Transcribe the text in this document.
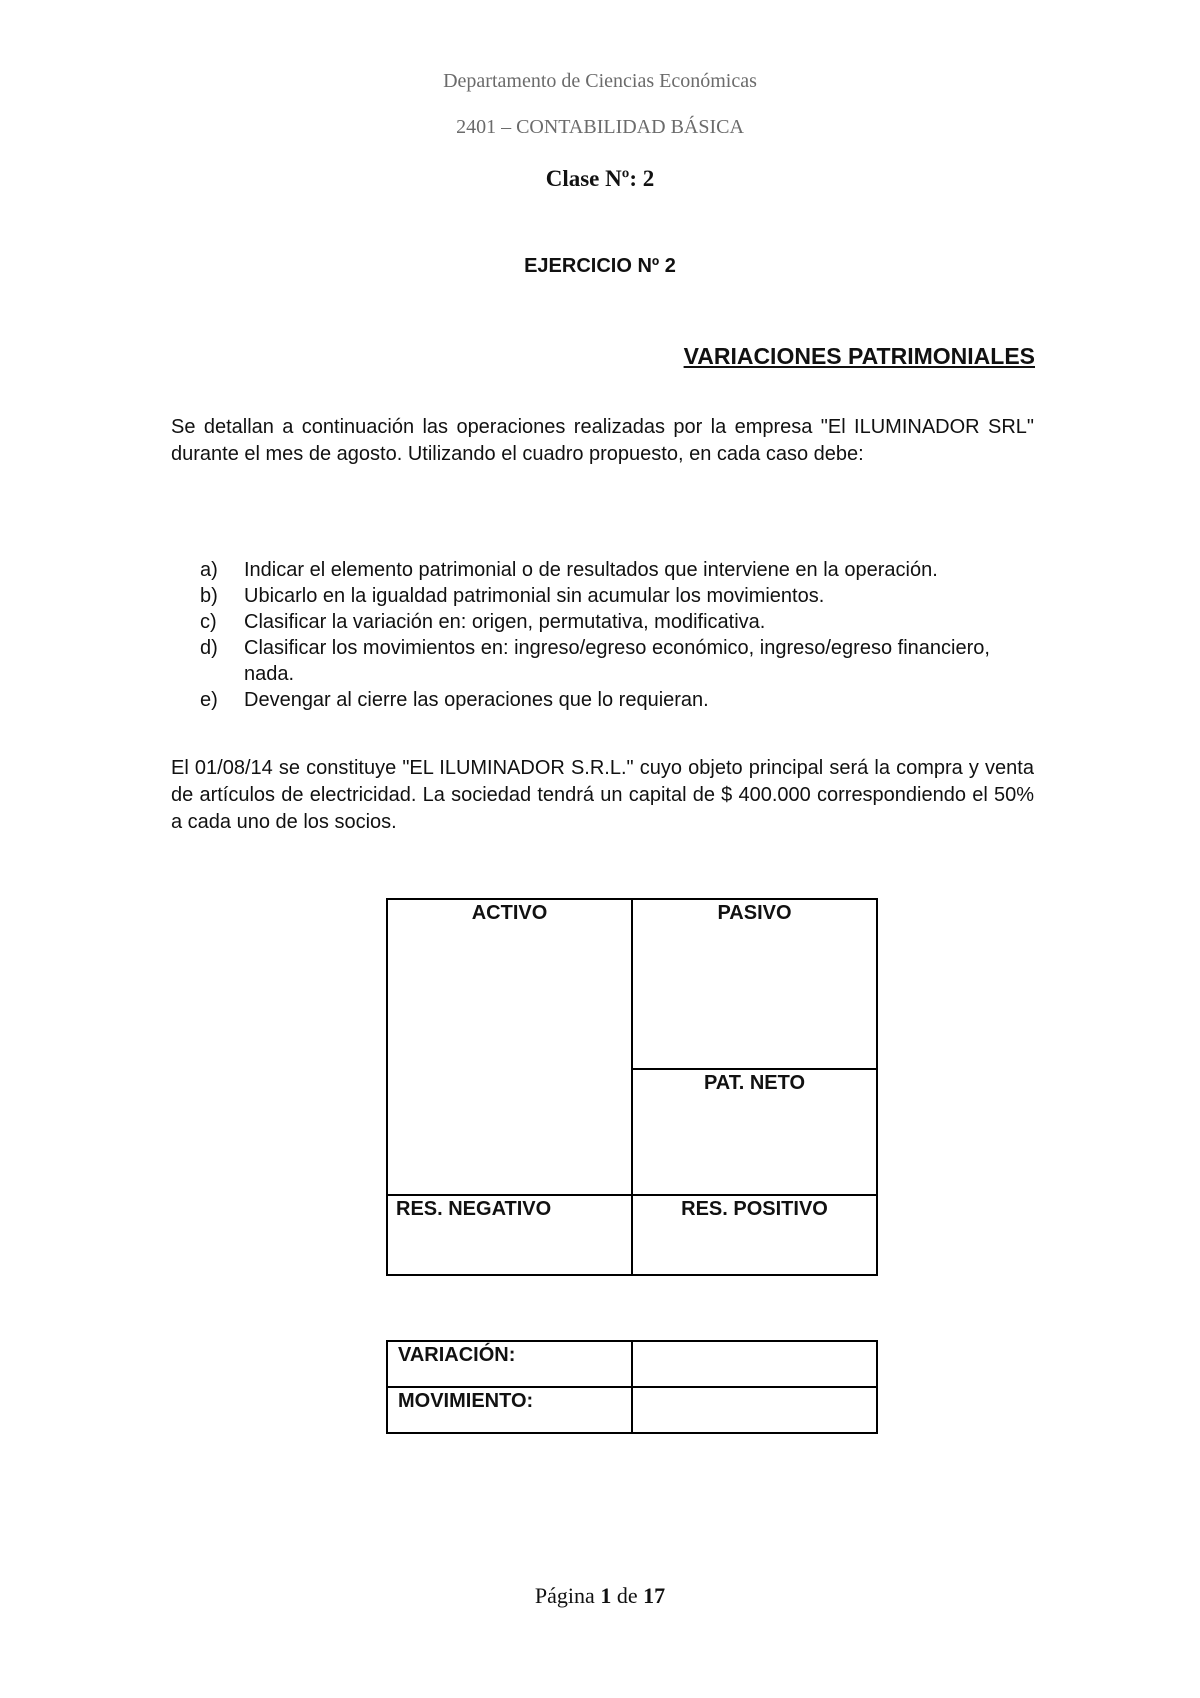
Departamento de Ciencias Económicas
2401 – CONTABILIDAD BÁSICA
Clase Nº: 2
EJERCICIO Nº 2
VARIACIONES PATRIMONIALES
Se detallan a continuación las operaciones realizadas por la empresa "El ILUMINADOR SRL" durante el mes de agosto. Utilizando el cuadro propuesto, en cada caso debe:
a)	Indicar el elemento patrimonial o de resultados que interviene en la operación.
b)	Ubicarlo en la igualdad patrimonial sin acumular los movimientos.
c)	Clasificar la variación en: origen, permutativa, modificativa.
d)	Clasificar los movimientos en: ingreso/egreso económico, ingreso/egreso financiero, nada.
e)	Devengar al cierre las operaciones que lo requieran.
El 01/08/14 se constituye "EL ILUMINADOR S.R.L." cuyo objeto principal será la compra y venta de artículos de electricidad. La sociedad tendrá un capital de $ 400.000 correspondiendo el 50% a cada uno de los socios.
ACTIVO	PASIVO
	PAT. NETO
RES. NEGATIVO	RES. POSITIVO
VARIACIÓN:	
MOVIMIENTO:	
Página 1 de 17
